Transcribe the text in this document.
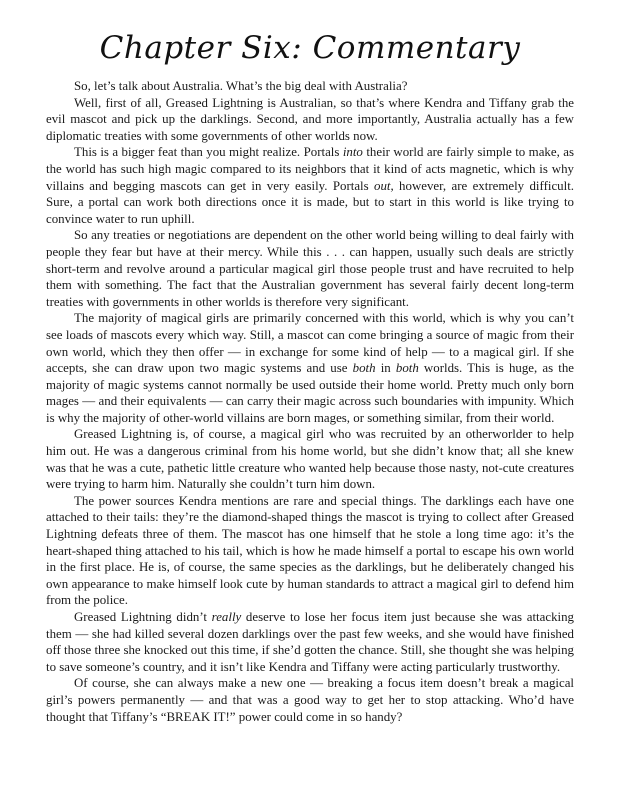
Chapter Six: Commentary

So, let’s talk about Australia. What’s the big deal with Australia?

Well, first of all, Greased Lightning is Australian, so that’s where Kendra and Tiffany grab the evil mascot and pick up the darklings. Second, and more importantly, Australia actually has a few diplomatic treaties with some governments of other worlds now.

This is a bigger feat than you might realize. Portals into their world are fairly simple to make, as the world has such high magic compared to its neighbors that it kind of acts magnetic, which is why villains and begging mascots can get in very easily. Portals out, however, are extremely difficult. Sure, a portal can work both directions once it is made, but to start in this world is like trying to convince water to run uphill.

So any treaties or negotiations are dependent on the other world being willing to deal fairly with people they fear but have at their mercy. While this . . . can happen, usually such deals are strictly short-term and revolve around a particular magical girl those people trust and have recruited to help them with something. The fact that the Australian government has several fairly decent long-term treaties with governments in other worlds is therefore very significant.

The majority of magical girls are primarily concerned with this world, which is why you can’t see loads of mascots every which way. Still, a mascot can come bringing a source of magic from their own world, which they then offer — in exchange for some kind of help — to a magical girl. If she accepts, she can draw upon two magic systems and use both in both worlds. This is huge, as the majority of magic systems cannot normally be used outside their home world. Pretty much only born mages — and their equivalents — can carry their magic across such boundaries with impunity. Which is why the majority of other-world villains are born mages, or something similar, from their world.

Greased Lightning is, of course, a magical girl who was recruited by an otherworlder to help him out. He was a dangerous criminal from his home world, but she didn’t know that; all she knew was that he was a cute, pathetic little creature who wanted help because those nasty, not-cute creatures were trying to harm him. Naturally she couldn’t turn him down.

The power sources Kendra mentions are rare and special things. The darklings each have one attached to their tails: they’re the diamond-shaped things the mascot is trying to collect after Greased Lightning defeats three of them. The mascot has one himself that he stole a long time ago: it’s the heart-shaped thing attached to his tail, which is how he made himself a portal to escape his own world in the first place. He is, of course, the same species as the darklings, but he deliberately changed his own appearance to make himself look cute by human standards to attract a magical girl to defend him from the police.

Greased Lightning didn’t really deserve to lose her focus item just because she was attacking them — she had killed several dozen darklings over the past few weeks, and she would have finished off those three she knocked out this time, if she’d gotten the chance. Still, she thought she was helping to save someone’s country, and it isn’t like Kendra and Tiffany were acting particularly trustworthy.

Of course, she can always make a new one — breaking a focus item doesn’t break a magical girl’s powers permanently — and that was a good way to get her to stop attacking. Who’d have thought that Tiffany’s “BREAK IT!” power could come in so handy?
